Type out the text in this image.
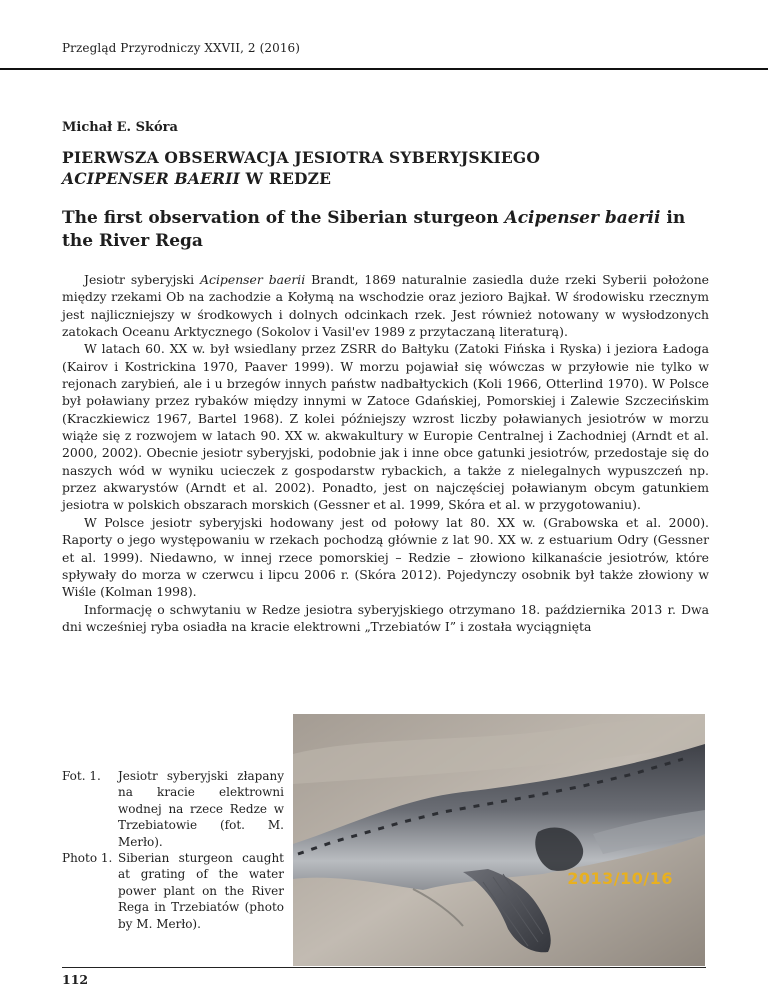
Przegląd Przyrodniczy XXVII, 2 (2016)
Michał E. Skóra
PIERWSZA OBSERWACJA JESIOTRA SYBERYJSKIEGO
ACIPENSER BAERII W REDZE
The first observation of the Siberian sturgeon Acipenser baerii in the River Rega

Jesiotr syberyjski Acipenser baerii Brandt, 1869 naturalnie zasiedla duże rzeki Syberii położone między rzekami Ob na zachodzie a Kołymą na wschodzie oraz jezioro Bajkał. W środowisku rzecznym jest najliczniejszy w środkowych i dolnych odcinkach rzek. Jest również notowany w wysłodzonych zatokach Oceanu Arktycznego (Sokolov i Vasil'ev 1989 z przytaczaną literaturą).

W latach 60. XX w. był wsiedlany przez ZSRR do Bałtyku (Zatoki Fińska i Ryska) i jeziora Ładoga (Kairov i Kostrickina 1970, Paaver 1999). W morzu pojawiał się wówczas w przyłowie nie tylko w rejonach zarybień, ale i u brzegów innych państw nadbałtyckich (Koli 1966, Otterlind 1970). W Polsce był poławiany przez rybaków między innymi w Zatoce Gdańskiej, Pomorskiej i Zalewie Szczecińskim (Kraczkiewicz 1967, Bartel 1968). Z kolei późniejszy wzrost liczby poławianych jesiotrów w morzu wiąże się z rozwojem w latach 90. XX w. akwakultury w Europie Centralnej i Zachodniej (Arndt et al. 2000, 2002). Obecnie jesiotr syberyjski, podobnie jak i inne obce gatunki jesiotrów, przedostaje się do naszych wód w wyniku ucieczek z gospodarstw rybackich, a także z nielegalnych wypuszczeń np. przez akwarystów (Arndt et al. 2002). Ponadto, jest on najczęściej poławianym obcym gatunkiem jesiotra w polskich obszarach morskich (Gessner et al. 1999, Skóra et al. w przygotowaniu).

W Polsce jesiotr syberyjski hodowany jest od połowy lat 80. XX w. (Grabowska et al. 2000). Raporty o jego występowaniu w rzekach pochodzą głównie z lat 90. XX w. z estuarium Odry (Gessner et al. 1999). Niedawno, w innej rzece pomorskiej – Redzie – złowiono kilkanaście jesiotrów, które spływały do morza w czerwcu i lipcu 2006 r. (Skóra 2012). Pojedynczy osobnik był także złowiony w Wiśle (Kolman 1998).

Informację o schwytaniu w Redze jesiotra syberyjskiego otrzymano 18. października 2013 r. Dwa dni wcześniej ryba osiadła na kracie elektrowni „Trzebiatów I” i została wyciągnięta

Fot. 1.	Jesiotr syberyjski złapany na kracie elektrowni wodnej na rzece Redze w Trzebiatowie (fot. M. Merło).
Photo 1. Siberian sturgeon caught at grating of the water power plant on the River Rega in Trzebiatów (photo by M. Merło).
2013/10/16
112
